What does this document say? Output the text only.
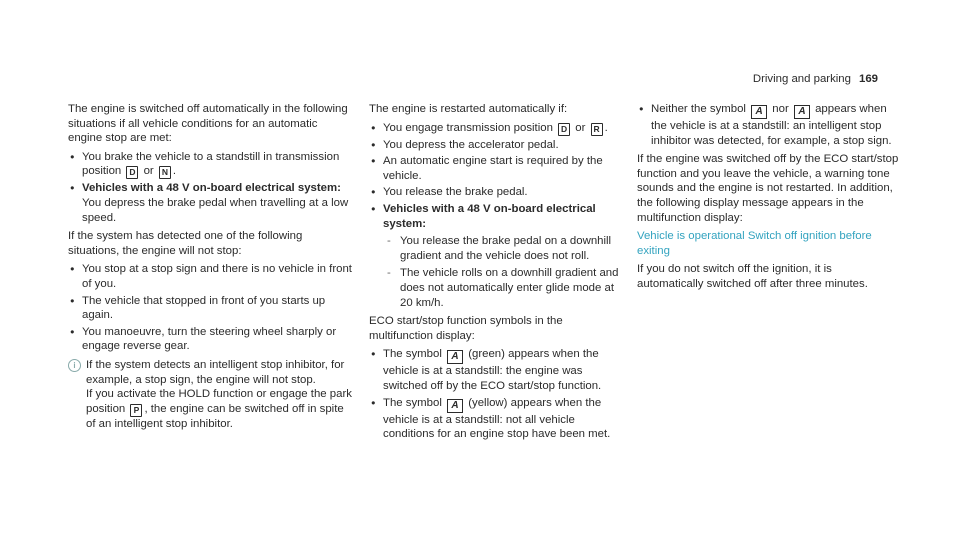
Driving and parking 169

The engine is switched off automatically in the following situations if all vehicle conditions for an automatic engine stop are met:

● You brake the vehicle to a standstill in transmission position D or N .
● Vehicles with a 48 V on-board electrical system: You depress the brake pedal when travelling at a low speed.

If the system has detected one of the following situations, the engine will not stop:

● You stop at a stop sign and there is no vehicle in front of you.
● The vehicle that stopped in front of you starts up again.
● You manoeuvre, turn the steering wheel sharply or engage reverse gear.
i If the system detects an intelligent stop inhibitor, for example, a stop sign, the engine will not stop.
If you activate the HOLD function or engage the park position P , the engine can be switched off in spite of an intelligent stop inhibitor.

The engine is restarted automatically if:

● You engage transmission position D or R .
● You depress the accelerator pedal.
● An automatic engine start is required by the vehicle.
● You release the brake pedal.
● Vehicles with a 48 V on-board electrical system:
- You release the brake pedal on a downhill gradient and the vehicle does not roll.
- The vehicle rolls on a downhill gradient and does not automatically enter glide mode at 20 km/h.

ECO start/stop function symbols in the multifunction display:

● The symbol A (green) appears when the vehicle is at a standstill: the engine was switched off by the ECO start/stop function.
● The symbol A (yellow) appears when the vehicle is at a standstill: not all vehicle conditions for an engine stop have been met.
● Neither the symbol A nor A appears when the vehicle is at a standstill: an intelligent stop inhibitor was detected, for example, a stop sign.

If the engine was switched off by the ECO start/stop function and you leave the vehicle, a warning tone sounds and the engine is not restarted. In addition, the following display message appears in the multifunction display:

Vehicle is operational Switch off ignition before exiting

If you do not switch off the ignition, it is automatically switched off after three minutes.
